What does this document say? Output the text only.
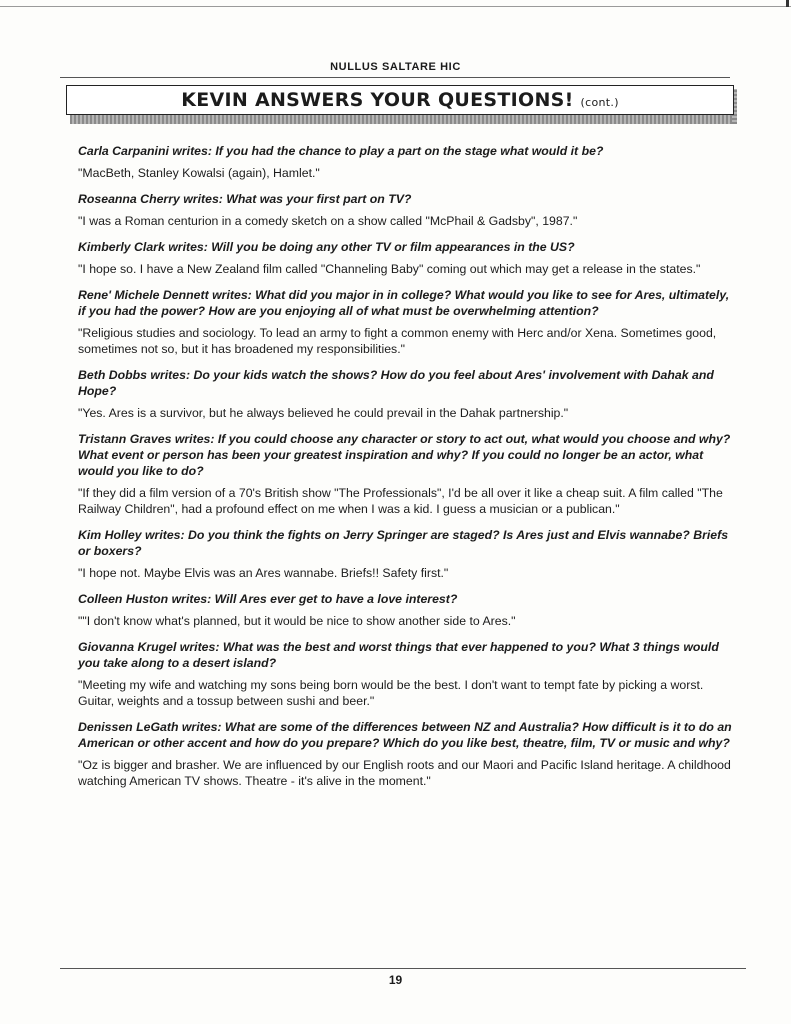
NULLUS SALTARE HIC
KEVIN ANSWERS YOUR QUESTIONS! (cont.)

Carla Carpanini writes: If you had the chance to play a part on the stage what would it be?

"MacBeth, Stanley Kowalsi (again), Hamlet."

Roseanna Cherry writes: What was your first part on TV?

"I was a Roman centurion in a comedy sketch on a show called "McPhail & Gadsby", 1987."

Kimberly Clark writes: Will you be doing any other TV or film appearances in the US?

"I hope so. I have a New Zealand film called "Channeling Baby" coming out which may get a release in the states."

Rene' Michele Dennett writes: What did you major in in college? What would you like to see for Ares, ultimately, if you had the power? How are you enjoying all of what must be overwhelming attention?

"Religious studies and sociology. To lead an army to fight a common enemy with Herc and/or Xena. Sometimes good, sometimes not so, but it has broadened my responsibilities."

Beth Dobbs writes: Do your kids watch the shows? How do you feel about Ares' involvement with Dahak and Hope?

"Yes. Ares is a survivor, but he always believed he could prevail in the Dahak partnership."

Tristann Graves writes: If you could choose any character or story to act out, what would you choose and why? What event or person has been your greatest inspiration and why? If you could no longer be an actor, what would you like to do?

"If they did a film version of a 70's British show "The Professionals", I'd be all over it like a cheap suit. A film called "The Railway Children", had a profound effect on me when I was a kid. I guess a musician or a publican."

Kim Holley writes: Do you think the fights on Jerry Springer are staged? Is Ares just and Elvis wannabe? Briefs or boxers?

"I hope not. Maybe Elvis was an Ares wannabe. Briefs!! Safety first."

Colleen Huston writes: Will Ares ever get to have a love interest?

""I don't know what's planned, but it would be nice to show another side to Ares."

Giovanna Krugel writes: What was the best and worst things that ever happened to you? What 3 things would you take along to a desert island?

"Meeting my wife and watching my sons being born would be the best. I don't want to tempt fate by picking a worst. Guitar, weights and a tossup between sushi and beer."

Denissen LeGath writes: What are some of the differences between NZ and Australia? How difficult is it to do an American or other accent and how do you prepare? Which do you like best, theatre, film, TV or music and why?

"Oz is bigger and brasher. We are influenced by our English roots and our Maori and Pacific Island heritage. A childhood watching American TV shows. Theatre - it's alive in the moment."

19
